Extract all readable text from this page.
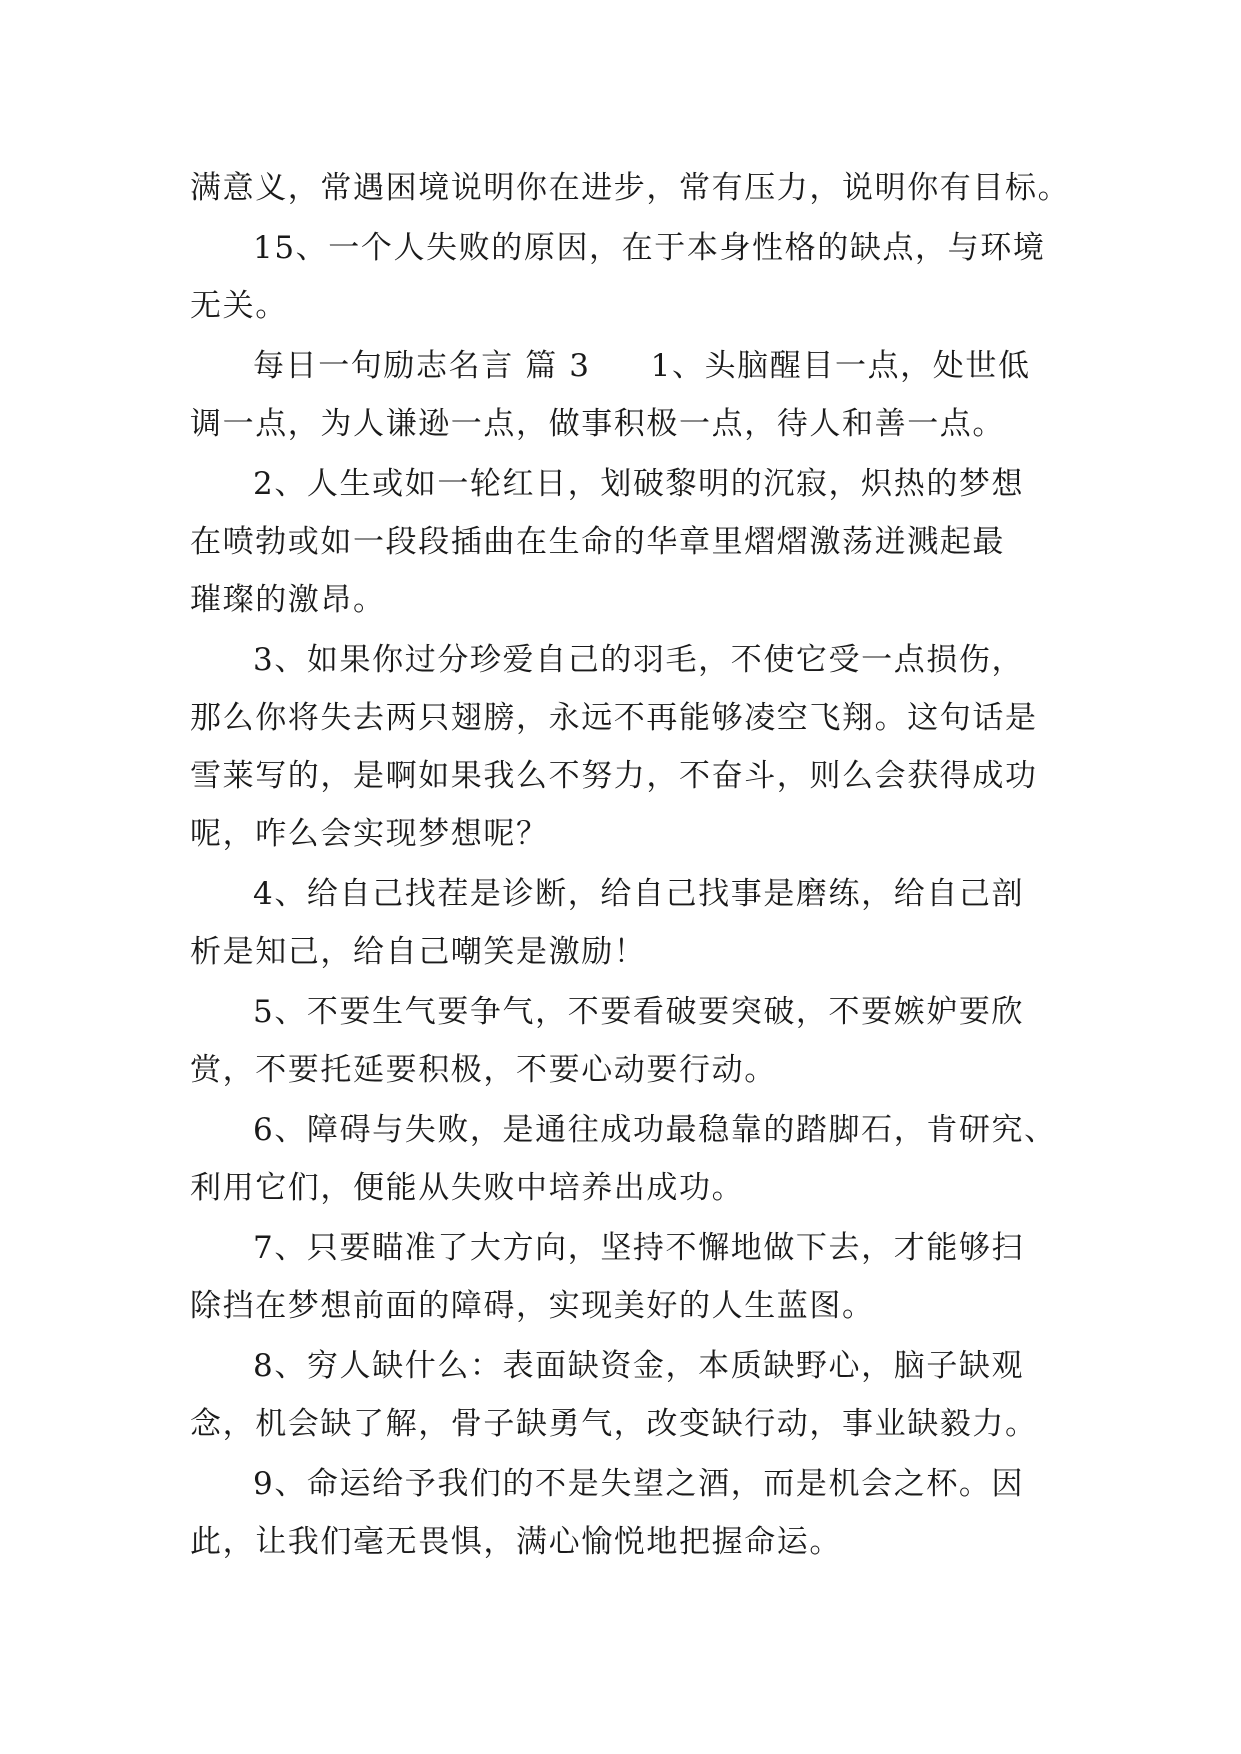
满意义，常遇困境说明你在进步，常有压力，说明你有目标。

15、一个人失败的原因，在于本身性格的缺点，与环境

无关。

每日一句励志名言 篇 3 1、头脑醒目一点，处世低

调一点，为人谦逊一点，做事积极一点，待人和善一点。

2、人生或如一轮红日，划破黎明的沉寂，炽热的梦想

在喷勃或如一段段插曲在生命的华章里熠熠激荡迸溅起最

璀璨的激昂。

3、如果你过分珍爱自己的羽毛，不使它受一点损伤，

那么你将失去两只翅膀，永远不再能够凌空飞翔。这句话是

雪莱写的，是啊如果我么不努力，不奋斗，则么会获得成功

呢，咋么会实现梦想呢？

4、给自己找茬是诊断，给自己找事是磨练，给自己剖

析是知己，给自己嘲笑是激励！

5、不要生气要争气，不要看破要突破，不要嫉妒要欣

赏，不要托延要积极，不要心动要行动。

6、障碍与失败，是通往成功最稳靠的踏脚石，肯研究、

利用它们，便能从失败中培养出成功。

7、只要瞄准了大方向，坚持不懈地做下去，才能够扫

除挡在梦想前面的障碍，实现美好的人生蓝图。

8、穷人缺什么：表面缺资金，本质缺野心，脑子缺观

念，机会缺了解，骨子缺勇气，改变缺行动，事业缺毅力。

9、命运给予我们的不是失望之酒，而是机会之杯。因

此，让我们毫无畏惧，满心愉悦地把握命运。
